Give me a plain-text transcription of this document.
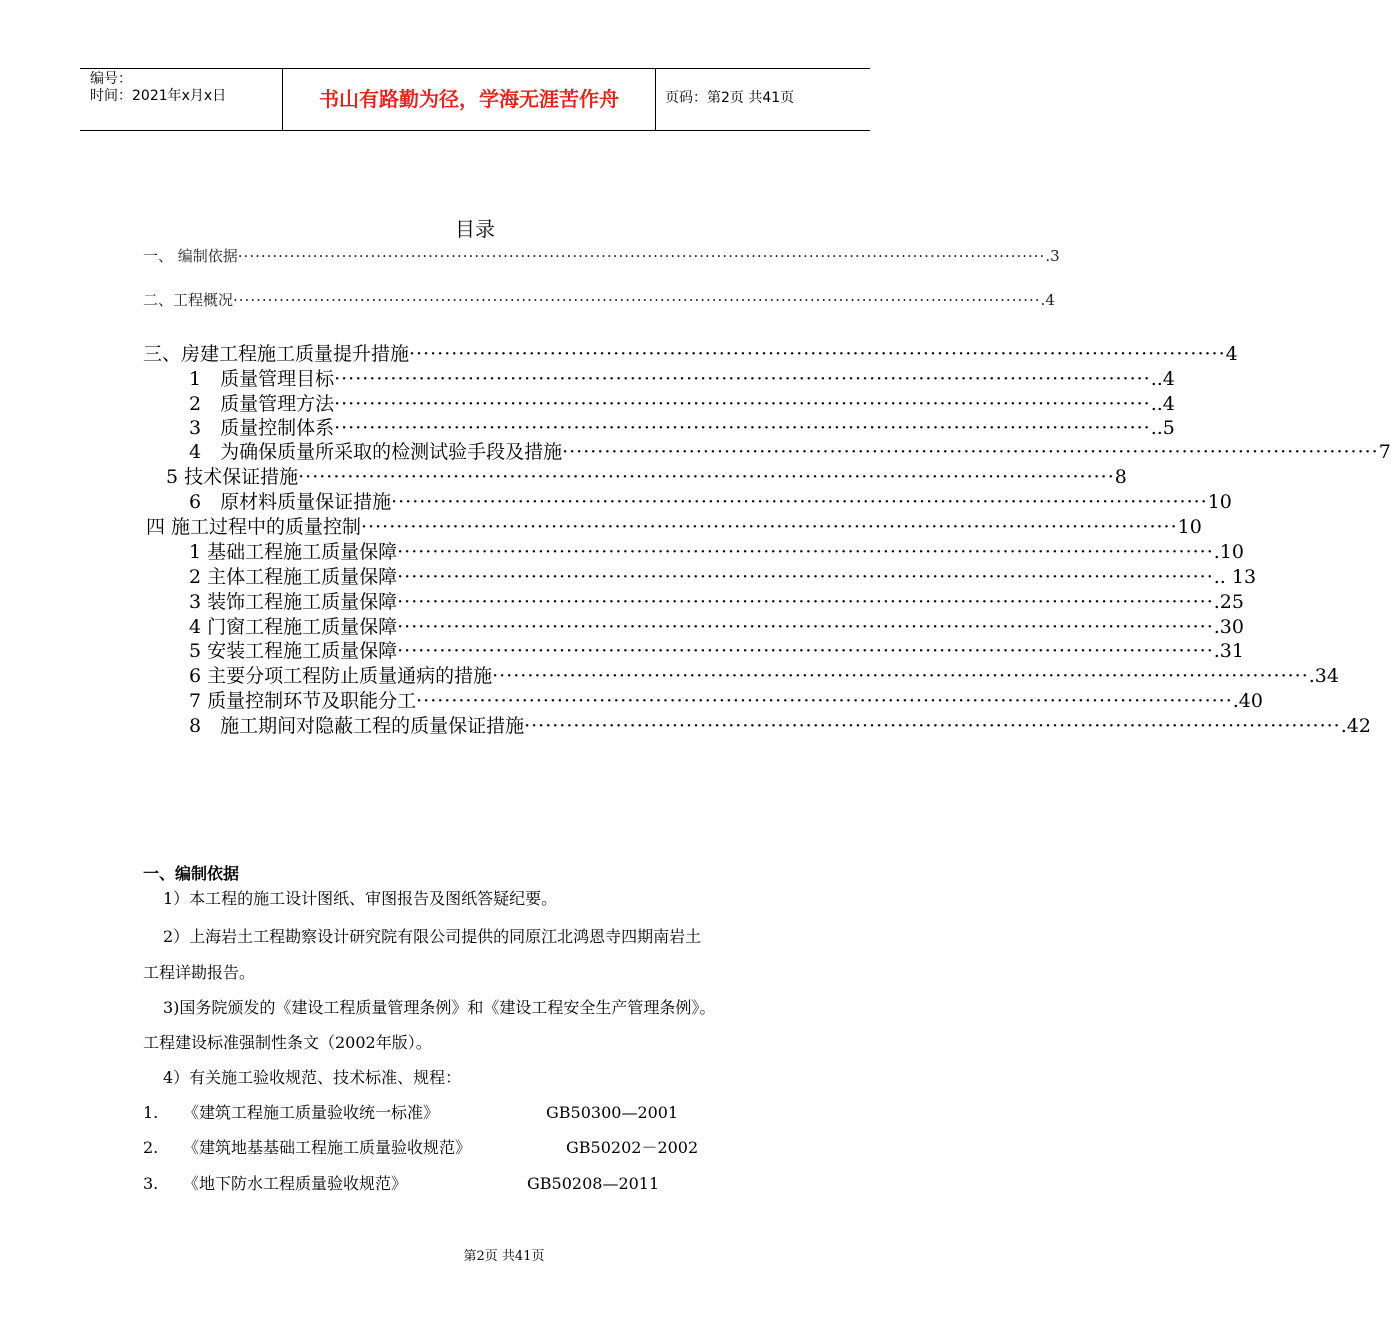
编号：
时间：2021年x月x日	书山有路勤为径，学海无涯苦作舟	页码：第2页 共41页
目录
一、 编制依据 ············································································································································ .3
二、工程概况 ············································································································································ .4
三、房建工程施工质量提升措施 ···················································································································· 4
1　质量管理目标 ···················································································································· ..4
2　质量管理方法 ···················································································································· ..4
3　质量控制体系 ···················································································································· ..5
4　为确保质量所采取的检测试验手段及措施 ···················································································································· 7
5 技术保证措施 ···················································································································· 8
6　原材料质量保证措施 ···················································································································· 10
四 施工过程中的质量控制 ···················································································································· 10
1 基础工程施工质量保障 ···················································································································· .10
2 主体工程施工质量保障 ···················································································································· .. 13
3 装饰工程施工质量保障 ···················································································································· .25
4 门窗工程施工质量保障 ···················································································································· .30
5 安装工程施工质量保障 ···················································································································· .31
6 主要分项工程防止质量通病的措施 ···················································································································· .34
7 质量控制环节及职能分工 ···················································································································· .40
8　施工期间对隐蔽工程的质量保证措施 ···················································································································· .42
一、编制依据
1）本工程的施工设计图纸、审图报告及图纸答疑纪要。
2）上海岩土工程勘察设计研究院有限公司提供的同原江北鸿恩寺四期南岩土
工程详勘报告。
3)国务院颁发的《建设工程质量管理条例》和《建设工程安全生产管理条例》。
工程建设标准强制性条文（2002年版）。
4）有关施工验收规范、技术标准、规程：
1. 《建筑工程施工质量验收统一标准》	GB50300—2001
2. 《建筑地基基础工程施工质量验收规范》	GB50202－2002
3. 《地下防水工程质量验收规范》	GB50208—2011
第2页 共41页
